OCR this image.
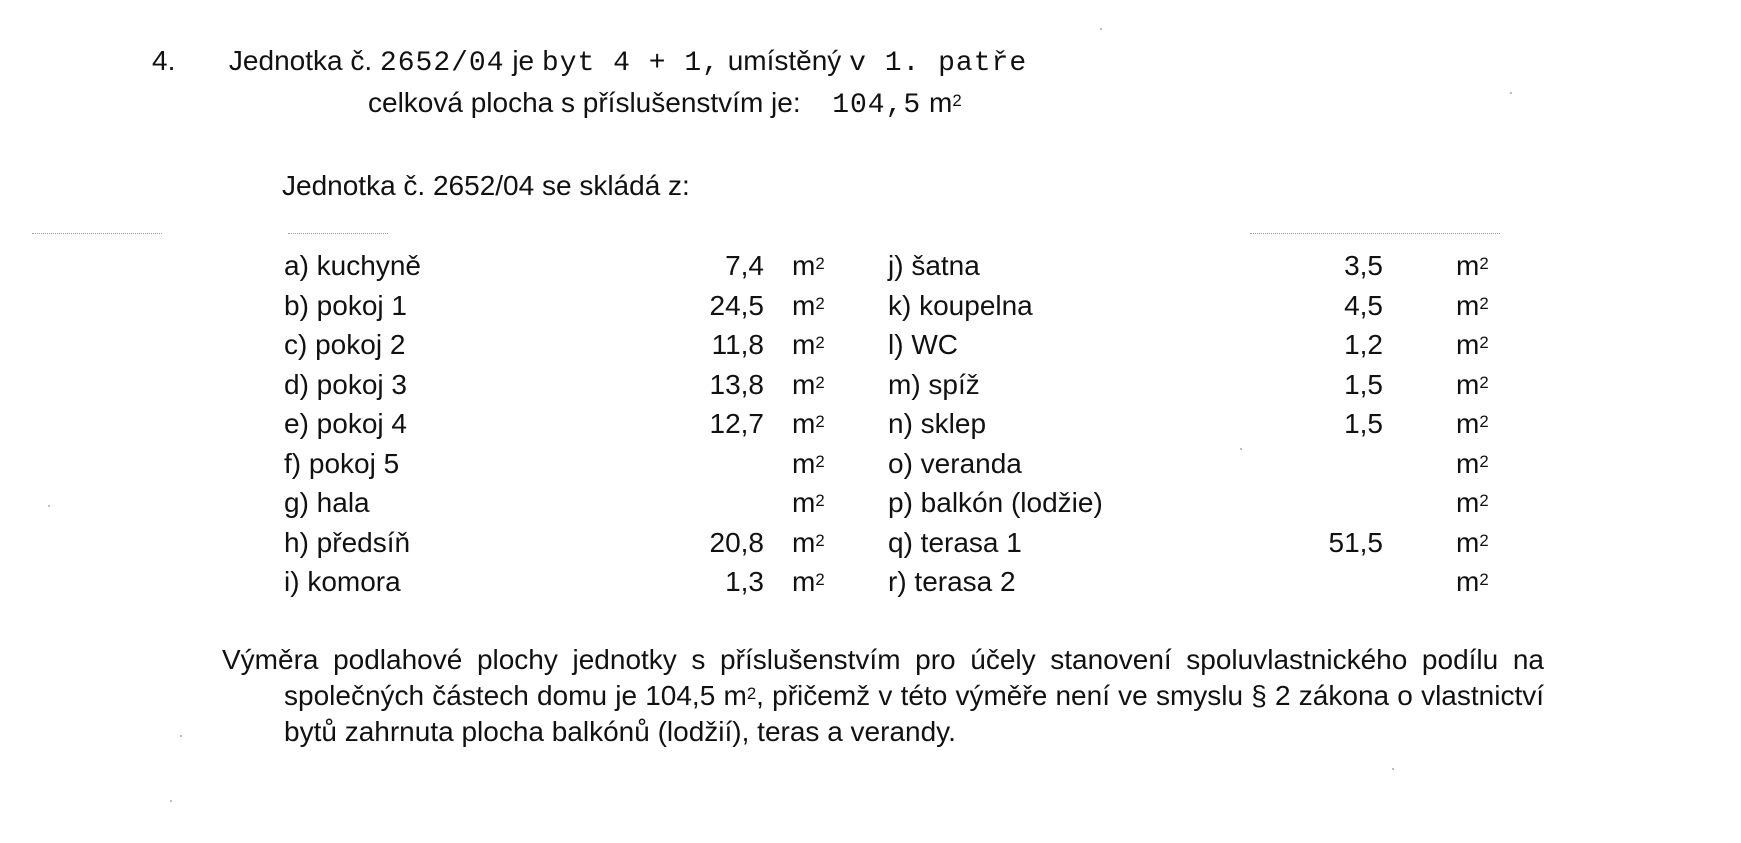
4. Jednotka č. 2652/04 je byt 4 + 1, umístěný v 1. patře
celková plocha s příslušenstvím je: 104,5 $m^2$
Jednotka č. 2652/04 se skládá z:
a) kuchyně	7,4 $m^2$
b) pokoj 1	24,5 $m^2$
c) pokoj 2	11,8 $m^2$
d) pokoj 3	13,8 $m^2$
e) pokoj 4	12,7 $m^2$
f) pokoj 5	$m^2$
g) hala	$m^2$
h) předsíň	20,8 $m^2$
i) komora	1,3 $m^2$
j) šatna	3,5	$m^2$
k) koupelna	4,5	$m^2$
l) WC	1,2	$m^2$
m) spíž	1,5	$m^2$
n) sklep	1,5	$m^2$
o) veranda	$m^2$
p) balkón (lodžie)	$m^2$
q) terasa 1	51,5	$m^2$
r) terasa 2	$m^2$
Výměra podlahové plochy jednotky s příslušenstvím pro účely stanovení spoluvlastnického podílu na společných částech domu je 104,5 $m^2$, přičemž v této výměře není ve smyslu § 2 zákona o vlastnictví bytů zahrnuta plocha balkónů (lodžií), teras a verandy.
